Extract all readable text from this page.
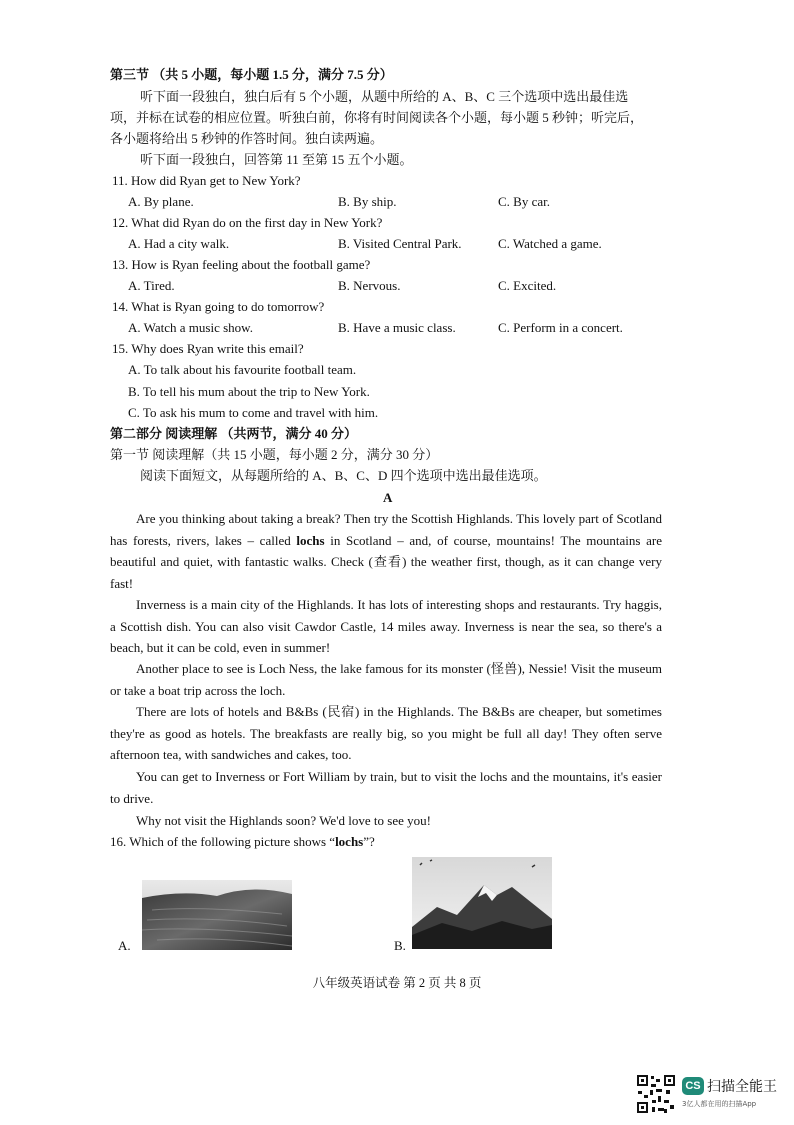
第三节 （共 5 小题，每小题 1.5 分，满分 7.5 分）
听下面一段独白，独白后有 5 个小题，从题中所给的 A、B、C 三个选项中选出最佳选
项，并标在试卷的相应位置。听独白前，你将有时间阅读各个小题，每小题 5 秒钟；听完后，
各小题将给出 5 秒钟的作答时间。独白读两遍。
听下面一段独白，回答第 11 至第 15 五个小题。
11. How did Ryan get to New York?
A. By plane.	B. By ship.	C. By car.
12. What did Ryan do on the first day in New York?
A. Had a city walk.	B. Visited Central Park.	C. Watched a game.
13. How is Ryan feeling about the football game?
A. Tired.	B. Nervous.	C. Excited.
14. What is Ryan going to do tomorrow?
A. Watch a music show.	B. Have a music class.	C. Perform in a concert.
15. Why does Ryan write this email?
A. To talk about his favourite football team.
B. To tell his mum about the trip to New York.
C. To ask his mum to come and travel with him.
第二部分 阅读理解 （共两节，满分 40 分）
第一节 阅读理解（共 15 小题，每小题 2 分，满分 30 分）
阅读下面短文，从每题所给的 A、B、C、D 四个选项中选出最佳选项。
A
Are you thinking about taking a break? Then try the Scottish Highlands. This lovely part of Scotland has forests, rivers, lakes – called lochs in Scotland – and, of course, mountains! The mountains are beautiful and quiet, with fantastic walks. Check (查看) the weather first, though, as it can change very fast!
Inverness is a main city of the Highlands. It has lots of interesting shops and restaurants. Try haggis, a Scottish dish. You can also visit Cawdor Castle, 14 miles away. Inverness is near the sea, so there's a beach, but it can be cold, even in summer!
Another place to see is Loch Ness, the lake famous for its monster (怪兽), Nessie! Visit the museum or take a boat trip across the loch.
There are lots of hotels and B&Bs (民宿) in the Highlands. The B&Bs are cheaper, but sometimes they're as good as hotels. The breakfasts are really big, so you might be full all day! They often serve afternoon tea, with sandwiches and cakes, too.
You can get to Inverness or Fort William by train, but to visit the lochs and the mountains, it's easier to drive.
Why not visit the Highlands soon? We'd love to see you!
16. Which of the following picture shows “lochs”?
A.	B.
八年级英语试卷 第 2 页 共 8 页
CS 扫描全能王
3亿人都在用的扫描App
